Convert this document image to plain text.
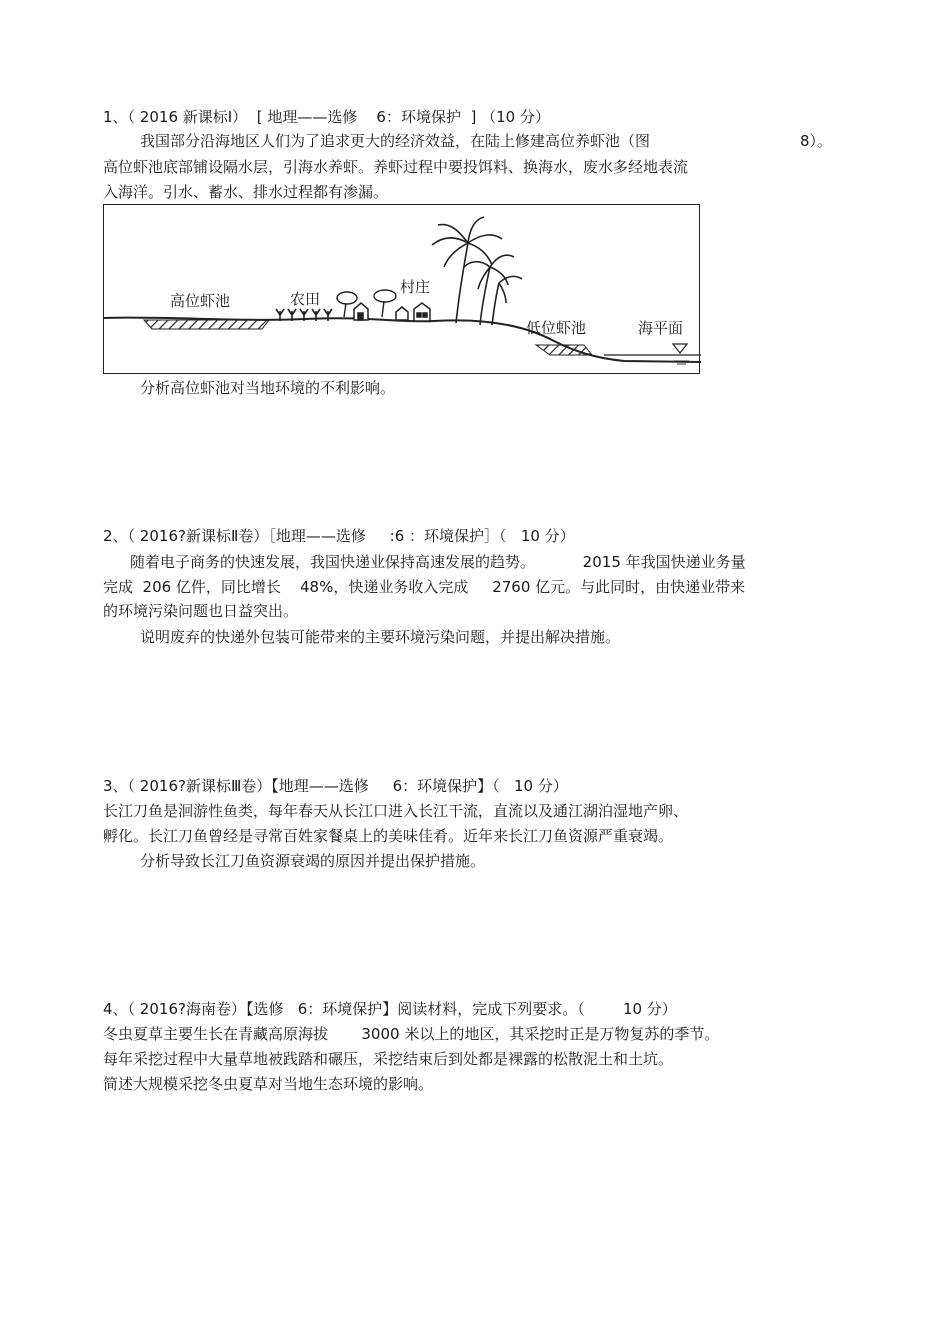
1、（ 2016 新课标Ⅰ）  [ 地理——选修    6：环境保护  ] （10 分）
我国部分沿海地区人们为了追求更大的经济效益，在陆上修建高位养虾池（图	8）。
高位虾池底部铺设隔水层，引海水养虾。养虾过程中要投饵料、换海水，废水多经地表流
入海洋。引水、蓄水、排水过程都有渗漏。
高位虾池	农田
村庄
低位虾池	海平面
分析高位虾池对当地环境的不利影响。
2、（ 2016?新课标Ⅱ卷）［地理——选修     :6 ：环境保护］（   10 分）
随着电子商务的快速发展，我国快递业保持高速发展的趋势。          2015 年我国快递业务量
完成  206 亿件，同比增长    48%，快递业务收入完成     2760 亿元。与此同时，由快递业带来
的环境污染问题也日益突出。
说明废弃的快递外包装可能带来的主要环境污染问题，并提出解决措施。
3、（ 2016?新课标Ⅲ卷）【地理——选修     6：环境保护】（   10 分）
长江刀鱼是洄游性鱼类，每年春天从长江口进入长江干流，直流以及通江湖泊湿地产卵、
孵化。长江刀鱼曾经是寻常百姓家餐桌上的美味佳肴。近年来长江刀鱼资源严重衰竭。
分析导致长江刀鱼资源衰竭的原因并提出保护措施。
4、（ 2016?海南卷）【选修   6：环境保护】阅读材料，完成下列要求。（        10 分）
冬虫夏草主要生长在青藏高原海拔       3000 米以上的地区，其采挖时正是万物复苏的季节。
每年采挖过程中大量草地被践踏和碾压，采挖结束后到处都是裸露的松散泥土和土坑。
简述大规模采挖冬虫夏草对当地生态环境的影响。
